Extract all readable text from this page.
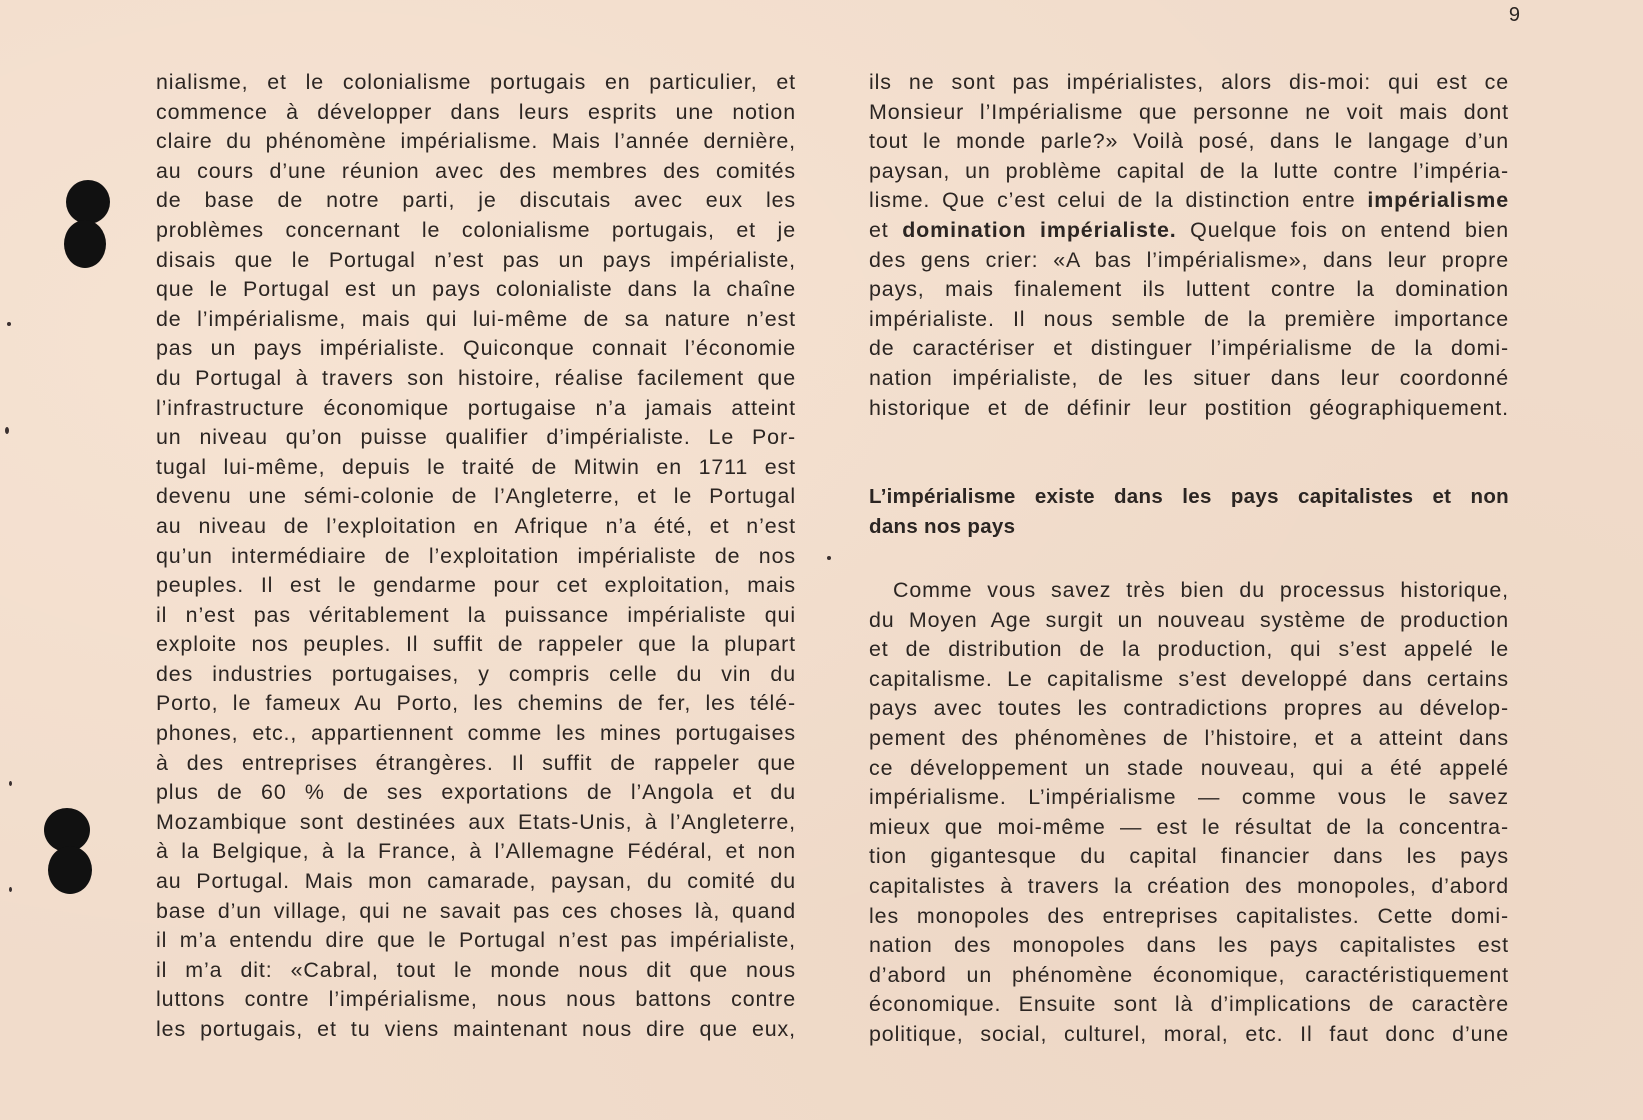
9
nialisme, et le colonialisme portugais en particulier, et
commence à développer dans leurs esprits une notion
claire du phénomène impérialisme. Mais l’année dernière,
au cours d’une réunion avec des membres des comités
de base de notre parti, je discutais avec eux les
problèmes concernant le colonialisme portugais, et je
disais que le Portugal n’est pas un pays impérialiste,
que le Portugal est un pays colonialiste dans la chaîne
de l’impérialisme, mais qui lui-même de sa nature n’est
pas un pays impérialiste. Quiconque connait l’économie
du Portugal à travers son histoire, réalise facilement que
l’infrastructure économique portugaise n’a jamais atteint
un niveau qu’on puisse qualifier d’impérialiste. Le Por-
tugal lui-même, depuis le traité de Mitwin en 1711 est
devenu une sémi-colonie de l’Angleterre, et le Portugal
au niveau de l’exploitation en Afrique n’a été, et n’est
qu’un intermédiaire de l’exploitation impérialiste de nos
peuples. Il est le gendarme pour cet exploitation, mais
il n’est pas véritablement la puissance impérialiste qui
exploite nos peuples. Il suffit de rappeler que la plupart
des industries portugaises, y compris celle du vin du
Porto, le fameux Au Porto, les chemins de fer, les télé-
phones, etc., appartiennent comme les mines portugaises
à des entreprises étrangères. Il suffit de rappeler que
plus de 60 % de ses exportations de l’Angola et du
Mozambique sont destinées aux Etats-Unis, à l’Angleterre,
à la Belgique, à la France, à l’Allemagne Fédéral, et non
au Portugal. Mais mon camarade, paysan, du comité du
base d’un village, qui ne savait pas ces choses là, quand
il m’a entendu dire que le Portugal n’est pas impérialiste,
il m’a dit: «Cabral, tout le monde nous dit que nous
luttons contre l’impérialisme, nous nous battons contre
les portugais, et tu viens maintenant nous dire que eux,
ils ne sont pas impérialistes, alors dis-moi: qui est ce
Monsieur l’Impérialisme que personne ne voit mais dont
tout le monde parle?» Voilà posé, dans le langage d’un
paysan, un problème capital de la lutte contre l’impéria-
lisme. Que c’est celui de la distinction entre impérialisme
et domination impérialiste. Quelque fois on entend bien
des gens crier: «A bas l’impérialisme», dans leur propre
pays, mais finalement ils luttent contre la domination
impérialiste. Il nous semble de la première importance
de caractériser et distinguer l’impérialisme de la domi-
nation impérialiste, de les situer dans leur coordonné
historique et de définir leur postition géographiquement.
L’impérialisme existe dans les pays capitalistes et non
dans nos pays
Comme vous savez très bien du processus historique,
du Moyen Age surgit un nouveau système de production
et de distribution de la production, qui s’est appelé le
capitalisme. Le capitalisme s’est developpé dans certains
pays avec toutes les contradictions propres au dévelop-
pement des phénomènes de l’histoire, et a atteint dans
ce développement un stade nouveau, qui a été appelé
impérialisme. L’impérialisme — comme vous le savez
mieux que moi-même — est le résultat de la concentra-
tion gigantesque du capital financier dans les pays
capitalistes à travers la création des monopoles, d’abord
les monopoles des entreprises capitalistes. Cette domi-
nation des monopoles dans les pays capitalistes est
d’abord un phénomène économique, caractéristiquement
économique. Ensuite sont là d’implications de caractère
politique, social, culturel, moral, etc. Il faut donc d’une
